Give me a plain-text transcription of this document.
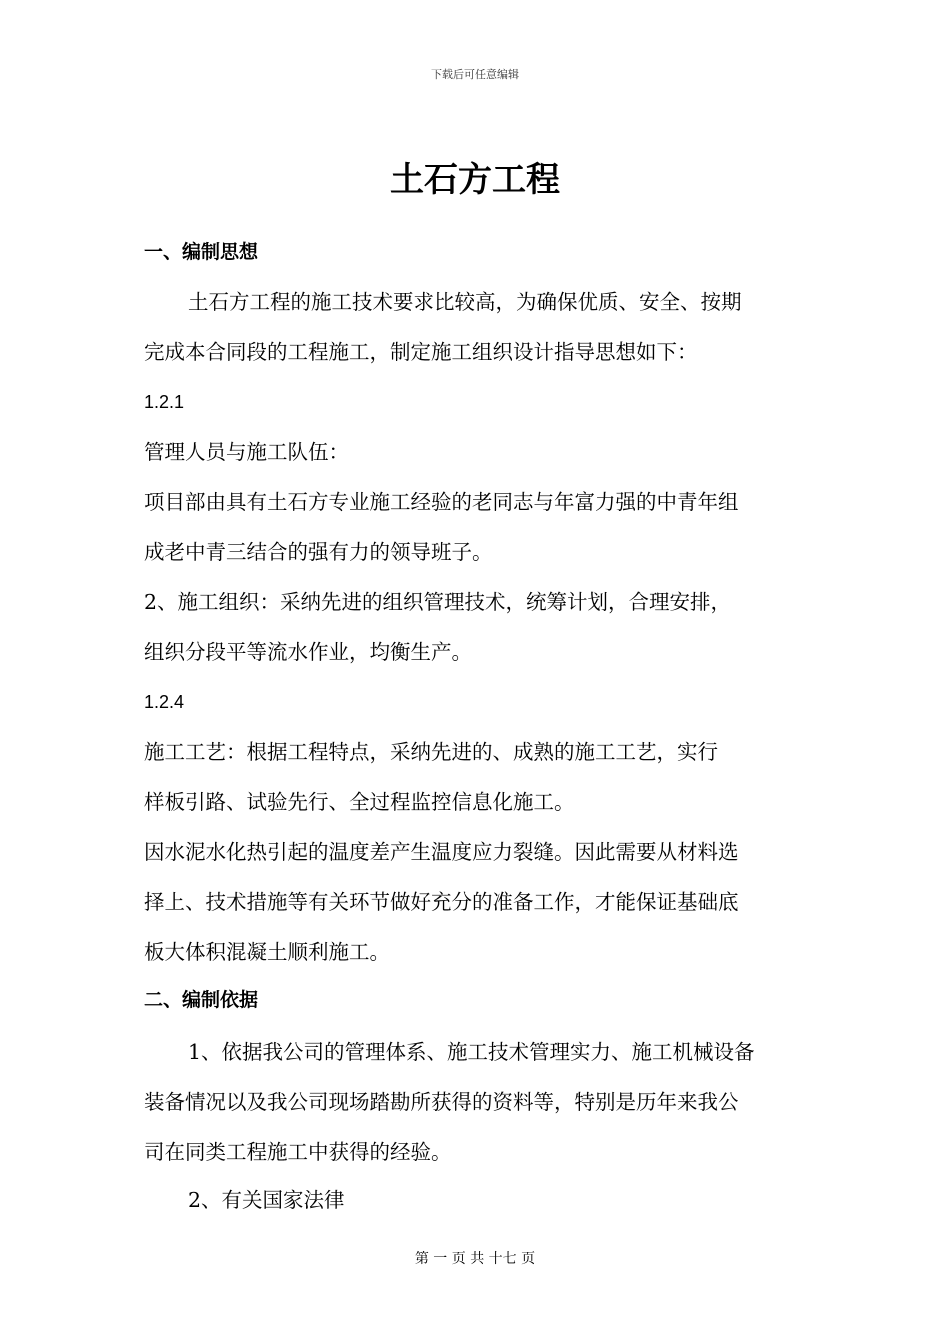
下载后可任意编辑
土石方工程
一、编制思想
土石方工程的施工技术要求比较高，为确保优质、安全、按期
完成本合同段的工程施工，制定施工组织设计指导思想如下：
1.2.1
管理人员与施工队伍：
项目部由具有土石方专业施工经验的老同志与年富力强的中青年组
成老中青三结合的强有力的领导班子。
2、施工组织：采纳先进的组织管理技术，统筹计划，合理安排，
组织分段平等流水作业，均衡生产。
1.2.4
施工工艺：根据工程特点，采纳先进的、成熟的施工工艺，实行
样板引路、试验先行、全过程监控信息化施工。
因水泥水化热引起的温度差产生温度应力裂缝。因此需要从材料选
择上、技术措施等有关环节做好充分的准备工作，才能保证基础底
板大体积混凝土顺利施工。
二、编制依据
1、依据我公司的管理体系、施工技术管理实力、施工机械设备
装备情况以及我公司现场踏勘所获得的资料等，特别是历年来我公
司在同类工程施工中获得的经验。
2、有关国家法律
第 一 页 共 十七 页
